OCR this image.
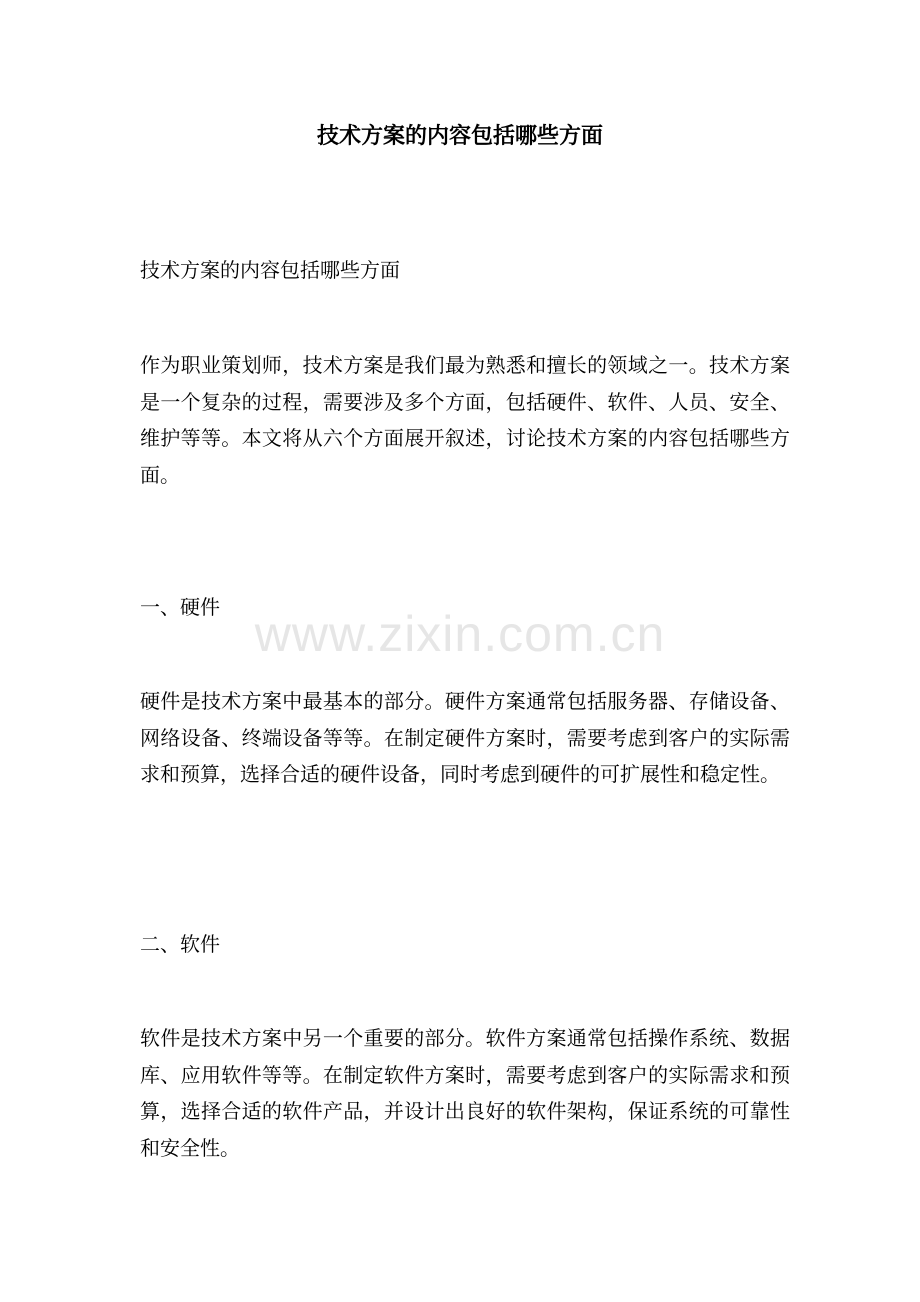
www.zixin.com.cn
技术方案的内容包括哪些方面
技术方案的内容包括哪些方面
作为职业策划师，技术方案是我们最为熟悉和擅长的领域之一。技术方案是一个复杂的过程，需要涉及多个方面，包括硬件、软件、人员、安全、维护等等。本文将从六个方面展开叙述，讨论技术方案的内容包括哪些方面。
一、硬件
硬件是技术方案中最基本的部分。硬件方案通常包括服务器、存储设备、网络设备、终端设备等等。在制定硬件方案时，需要考虑到客户的实际需求和预算，选择合适的硬件设备，同时考虑到硬件的可扩展性和稳定性。
二、软件
软件是技术方案中另一个重要的部分。软件方案通常包括操作系统、数据库、应用软件等等。在制定软件方案时，需要考虑到客户的实际需求和预算，选择合适的软件产品，并设计出良好的软件架构，保证系统的可靠性和安全性。
